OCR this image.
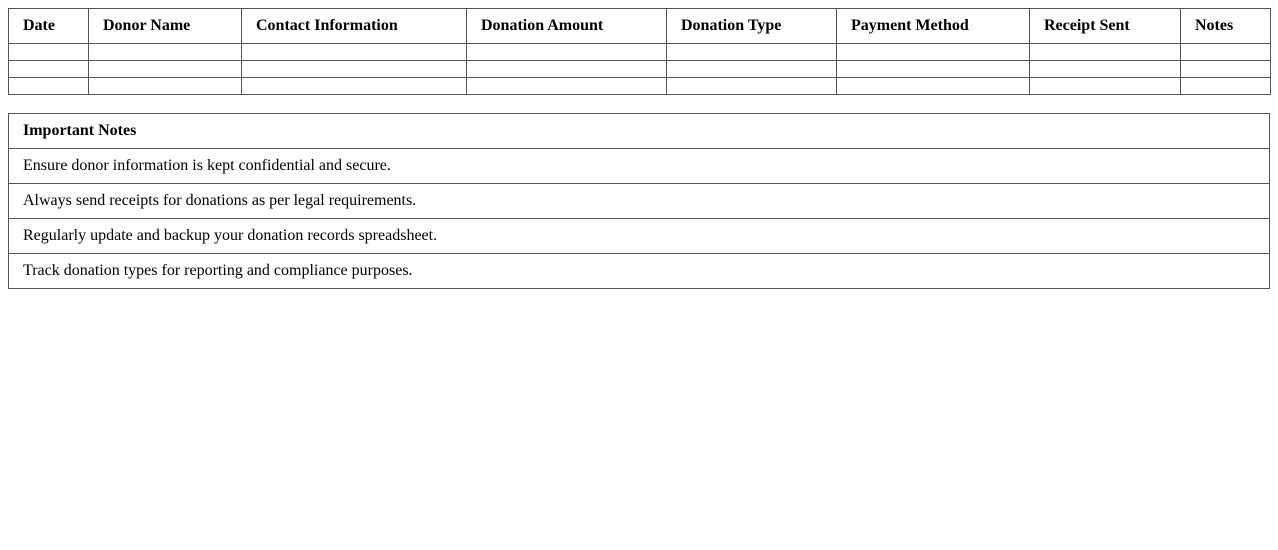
Date	Donor Name	Contact Information	Donation Amount	Donation Type	Payment Method	Receipt Sent	Notes

Important Notes
Ensure donor information is kept confidential and secure.
Always send receipts for donations as per legal requirements.
Regularly update and backup your donation records spreadsheet.
Track donation types for reporting and compliance purposes.
